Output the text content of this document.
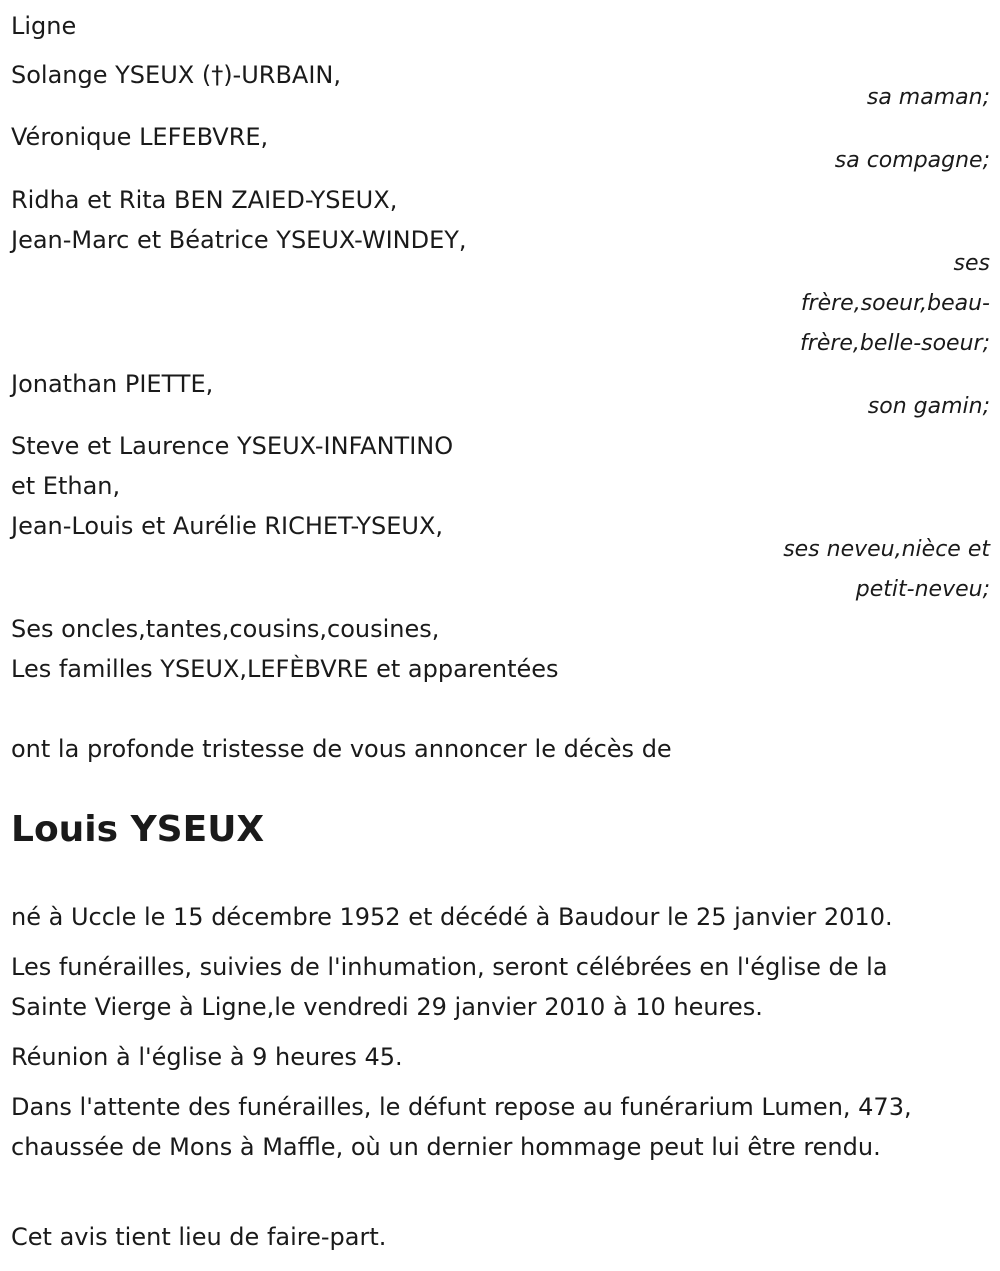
Ligne
Solange YSEUX (†)-URBAIN,
sa maman;
Véronique LEFEBVRE,
sa compagne;
Ridha et Rita BEN ZAIED-YSEUX,
Jean-Marc et Béatrice YSEUX-WINDEY,
ses
frère,soeur,beau-
frère,belle-soeur;
Jonathan PIETTE,
son gamin;
Steve et Laurence YSEUX-INFANTINO
et Ethan,
Jean-Louis et Aurélie RICHET-YSEUX,
ses neveu,nièce et
petit-neveu;
Ses oncles,tantes,cousins,cousines,
Les familles YSEUX,LEFÈBVRE et apparentées
ont la profonde tristesse de vous annoncer le décès de
Louis YSEUX
né à Uccle le 15 décembre 1952 et décédé à Baudour le 25 janvier 2010.
Les funérailles, suivies de l'inhumation, seront célébrées en l'église de la Sainte Vierge à Ligne,le vendredi 29 janvier 2010 à 10 heures.
Réunion à l'église à 9 heures 45.
Dans l'attente des funérailles, le défunt repose au funérarium Lumen, 473, chaussée de Mons à Maffle, où un dernier hommage peut lui être rendu.
Cet avis tient lieu de faire-part.
